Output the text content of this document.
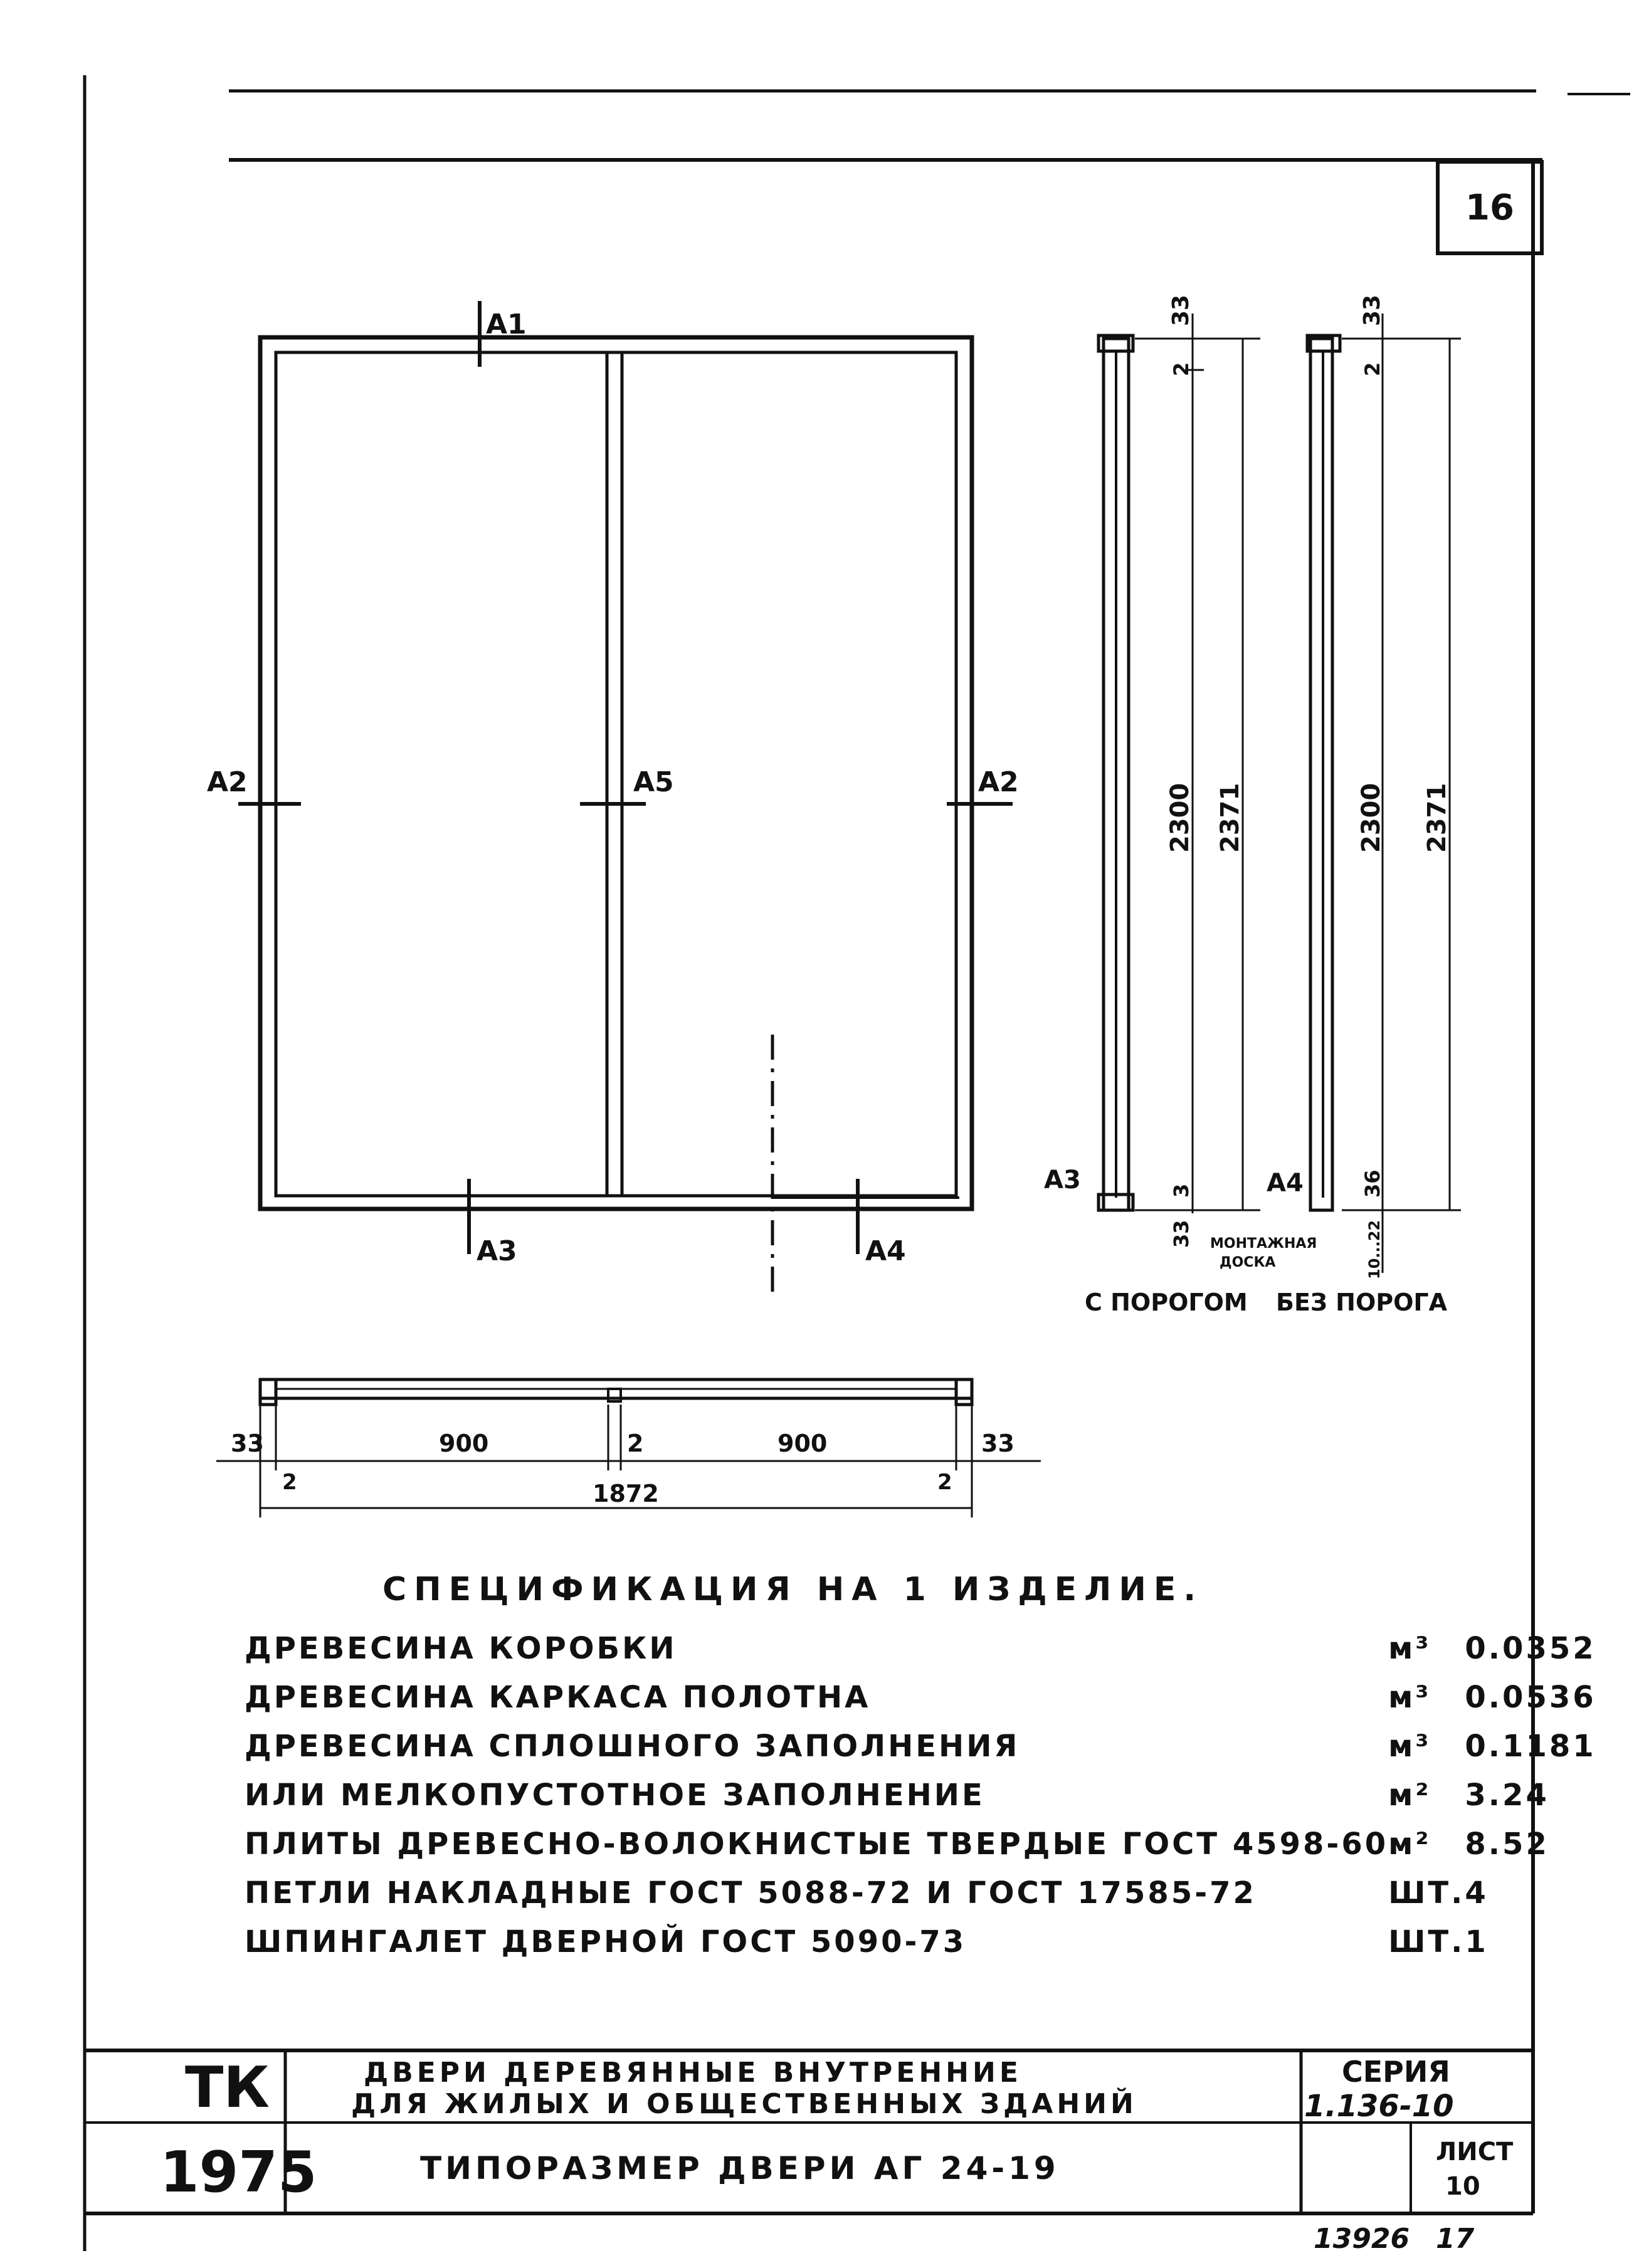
A1
A2	A5	A2
A3	A4
33
2
2300 2371
3
33
A3
МОНТАЖНАЯ
ДОСКА
С ПОРОГОМ
33
2
2300 2371
36
10...22
A4
БЕЗ ПОРОГА
33	900	2	900	33
2	2
1872
ТК
1975
ДВЕРИ ДЕРЕВЯННЫЕ ВНУТРЕННИЕ
ДЛЯ ЖИЛЫХ И ОБЩЕСТВЕННЫХ ЗДАНИЙ
СЕРИЯ
1.136-10
ТИПОРАЗМЕР ДВЕРИ АГ 24-19	ЛИСТ
10
13926 17
16
СПЕЦИФИКАЦИЯ НА 1 ИЗДЕЛИЕ.
ДРЕВЕСИНА КОРОБКИ	м³	0.0352
ДРЕВЕСИНА КАРКАСА ПОЛОТНА	м³	0.0536
ДРЕВЕСИНА СПЛОШНОГО ЗАПОЛНЕНИЯ	м³	0.1181
ИЛИ МЕЛКОПУСТОТНОЕ ЗАПОЛНЕНИЕ	м²	3.24
ПЛИТЫ ДРЕВЕСНО-ВОЛОКНИСТЫЕ ТВЕРДЫЕ ГОСТ 4598-60	м²	8.52
ПЕТЛИ НАКЛАДНЫЕ ГОСТ 5088-72 И ГОСТ 17585-72	ШТ.	4
ШПИНГАЛЕТ ДВЕРНОЙ ГОСТ 5090-73	ШТ.	1
